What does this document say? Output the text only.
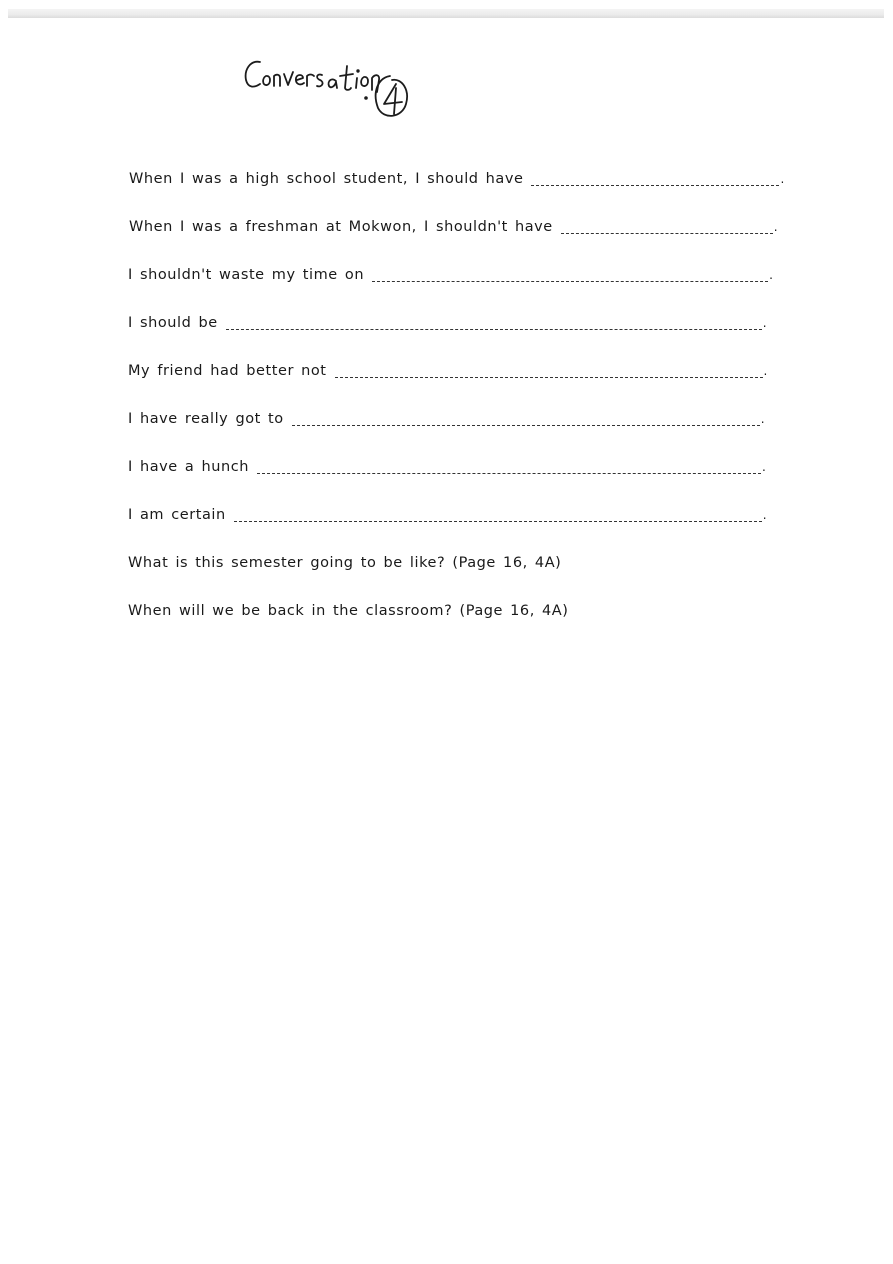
When I was a high school student, I should have	.
When I was a freshman at Mokwon, I shouldn't have	.
I shouldn't waste my time on	.
I should be	.
My friend had better not	.
I have really got to	.
I have a hunch	.
I am certain	.
What is this semester going to be like? (Page 16, 4A)
When will we be back in the classroom? (Page 16, 4A)
